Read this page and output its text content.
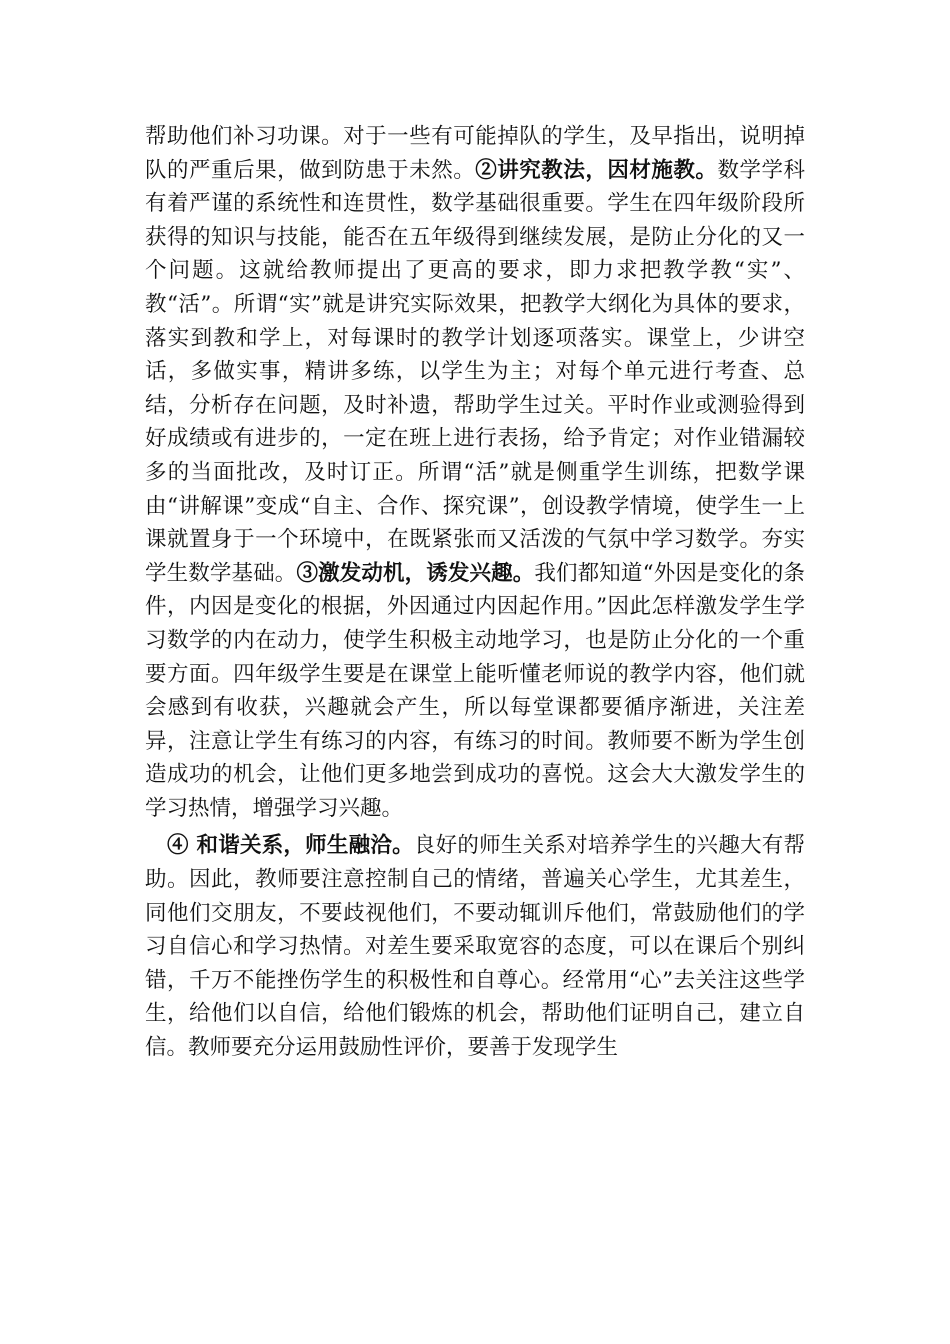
帮助他们补习功课。对于一些有可能掉队的学生，及早指出，说明掉队的严重后果，做到防患于未然。②讲究教法，因材施教。数学学科有着严谨的系统性和连贯性，数学基础很重要。学生在四年级阶段所获得的知识与技能，能否在五年级得到继续发展，是防止分化的又一个问题。这就给教师提出了更高的要求，即力求把教学教“实”、教“活”。所谓“实”就是讲究实际效果，把教学大纲化为具体的要求，落实到教和学上，对每课时的教学计划逐项落实。课堂上，少讲空话，多做实事，精讲多练，以学生为主；对每个单元进行考查、总结，分析存在问题，及时补遗，帮助学生过关。平时作业或测验得到好成绩或有进步的，一定在班上进行表扬，给予肯定；对作业错漏较多的当面批改，及时订正。所谓“活”就是侧重学生训练，把数学课由“讲解课”变成“自主、合作、探究课”，创设教学情境，使学生一上课就置身于一个环境中，在既紧张而又活泼的气氛中学习数学。夯实学生数学基础。③激发动机，诱发兴趣。我们都知道“外因是变化的条件，内因是变化的根据，外因通过内因起作用。”因此怎样激发学生学习数学的内在动力，使学生积极主动地学习，也是防止分化的一个重要方面。四年级学生要是在课堂上能听懂老师说的教学内容，他们就会感到有收获，兴趣就会产生，所以每堂课都要循序渐进，关注差异，注意让学生有练习的内容，有练习的时间。教师要不断为学生创造成功的机会，让他们更多地尝到成功的喜悦。这会大大激发学生的学习热情，增强学习兴趣。

④ 和谐关系，师生融洽。良好的师生关系对培养学生的兴趣大有帮助。因此，教师要注意控制自己的情绪，普遍关心学生，尤其差生，同他们交朋友，不要歧视他们，不要动辄训斥他们，常鼓励他们的学习自信心和学习热情。对差生要采取宽容的态度，可以在课后个别纠错，千万不能挫伤学生的积极性和自尊心。经常用“心”去关注这些学生，给他们以自信，给他们锻炼的机会，帮助他们证明自己，建立自信。教师要充分运用鼓励性评价，要善于发现学生
